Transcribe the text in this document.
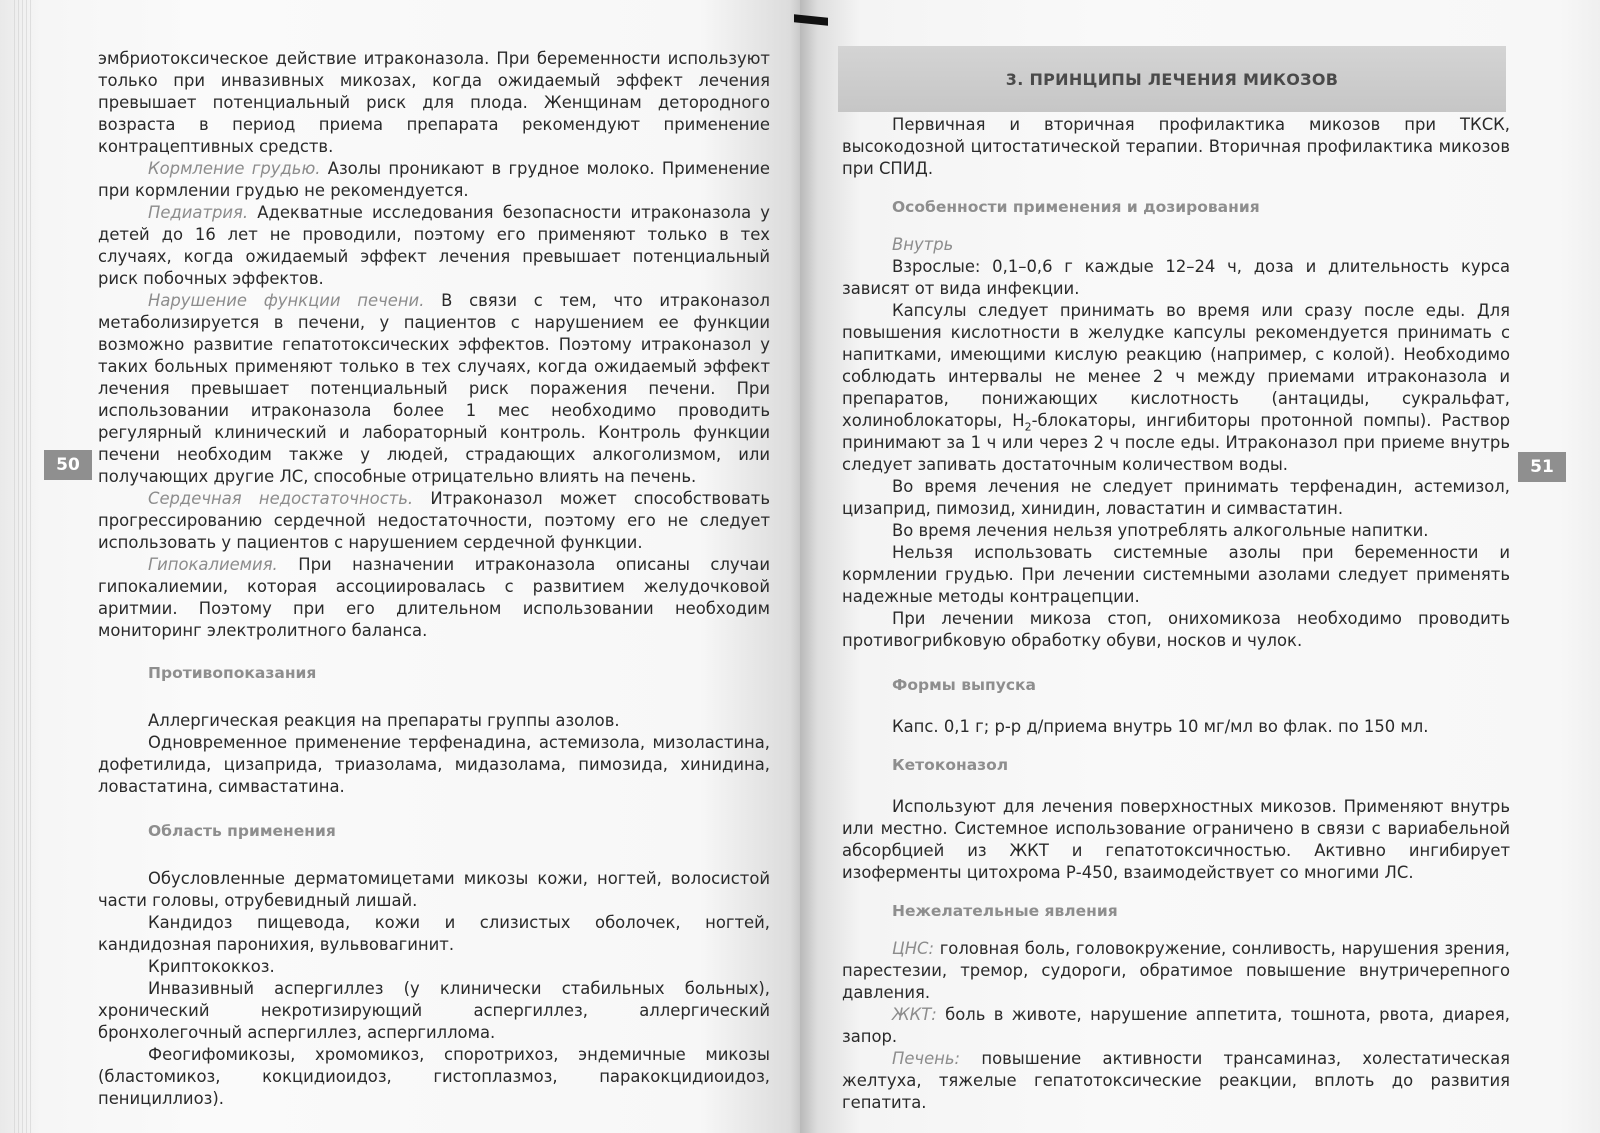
50

эмбриотоксическое действие итраконазола. При беременности используют только при инвазивных микозах, когда ожидаемый эффект лечения превышает потенциальный риск для плода. Женщинам детородного возраста в период приема препарата рекомендуют применение контрацептивных средств.

Кормление грудью. Азолы проникают в грудное молоко. Применение при кормлении грудью не рекомендуется.

Педиатрия. Адекватные исследования безопасности итраконазола у детей до 16 лет не проводили, поэтому его применяют только в тех случаях, когда ожидаемый эффект лечения превышает потенциальный риск побочных эффектов.

Нарушение функции печени. В связи с тем, что итраконазол метаболизируется в печени, у пациентов с нарушением ее функции возможно развитие гепатотоксических эффектов. Поэтому итраконазол у таких больных применяют только в тех случаях, когда ожидаемый эффект лечения превышает потенциальный риск поражения печени. При использовании итраконазола более 1 мес необходимо проводить регулярный клинический и лабораторный контроль. Контроль функции печени необходим также у людей, страдающих алкоголизмом, или получающих другие ЛС, способные отрицательно влиять на печень.

Сердечная недостаточность. Итраконазол может способствовать прогрессированию сердечной недостаточности, поэтому его не следует использовать у пациентов с нарушением сердечной функции.

Гипокалиемия. При назначении итраконазола описаны случаи гипокалиемии, которая ассоциировалась с развитием желудочковой аритмии. Поэтому при его длительном использовании необходим мониторинг электролитного баланса.

Противопоказания

Аллергическая реакция на препараты группы азолов.

Одновременное применение терфенадина, астемизола, мизоластина, дофетилида, цизаприда, триазолама, мидазолама, пимозида, хинидина, ловастатина, симвастатина.

Область применения

Обусловленные дерматомицетами микозы кожи, ногтей, волосистой части головы, отрубевидный лишай.

Кандидоз пищевода, кожи и слизистых оболочек, ногтей, кандидозная паронихия, вульвовагинит.

Криптококкоз.

Инвазивный аспергиллез (у клинически стабильных больных), хронический некротизирующий аспергиллез, аллергический бронхолегочный аспергиллез, аспергиллома.

Феогифомикозы, хромомикоз, споротрихоз, эндемичные микозы (бластомикоз, кокцидиоидоз, гистоплазмоз, паракокцидиоидоз, пенициллиоз).

3. ПРИНЦИПЫ ЛЕЧЕНИЯ МИКОЗОВ
51

Первичная и вторичная профилактика микозов при ТКСК, высокодозной цитостатической терапии. Вторичная профилактика микозов при СПИД.

Особенности применения и дозирования

Внутрь

Взрослые: 0,1–0,6 г каждые 12–24 ч, доза и длительность курса зависят от вида инфекции.

Капсулы следует принимать во время или сразу после еды. Для повышения кислотности в желудке капсулы рекомендуется принимать с напитками, имеющими кислую реакцию (например, с колой). Необходимо соблюдать интервалы не менее 2 ч между приемами итраконазола и препаратов, понижающих кислотность (антациды, сукральфат, холиноблокаторы, $H_2$-блокаторы, ингибиторы протонной помпы). Раствор принимают за 1 ч или через 2 ч после еды. Итраконазол при приеме внутрь следует запивать достаточным количеством воды.

Во время лечения не следует принимать терфенадин, астемизол, цизаприд, пимозид, хинидин, ловастатин и симвастатин.

Во время лечения нельзя употреблять алкогольные напитки.

Нельзя использовать системные азолы при беременности и кормлении грудью. При лечении системными азолами следует применять надежные методы контрацепции.

При лечении микоза стоп, онихомикоза необходимо проводить противогрибковую обработку обуви, носков и чулок.

Формы выпуска

Капс. 0,1 г; р-р д/приема внутрь 10 мг/мл во флак. по 150 мл.

Кетоконазол

Используют для лечения поверхностных микозов. Применяют внутрь или местно. Системное использование ограничено в связи с вариабельной абсорбцией из ЖКТ и гепатотоксичностью. Активно ингибирует изоферменты цитохрома Р-450, взаимодействует со многими ЛС.

Нежелательные явления

ЦНС: головная боль, головокружение, сонливость, нарушения зрения, парестезии, тремор, судороги, обратимое повышение внутричерепного давления.

ЖКТ: боль в животе, нарушение аппетита, тошнота, рвота, диарея, запор.

Печень: повышение активности трансаминаз, холестатическая желтуха, тяжелые гепатотоксические реакции, вплоть до развития гепатита.
